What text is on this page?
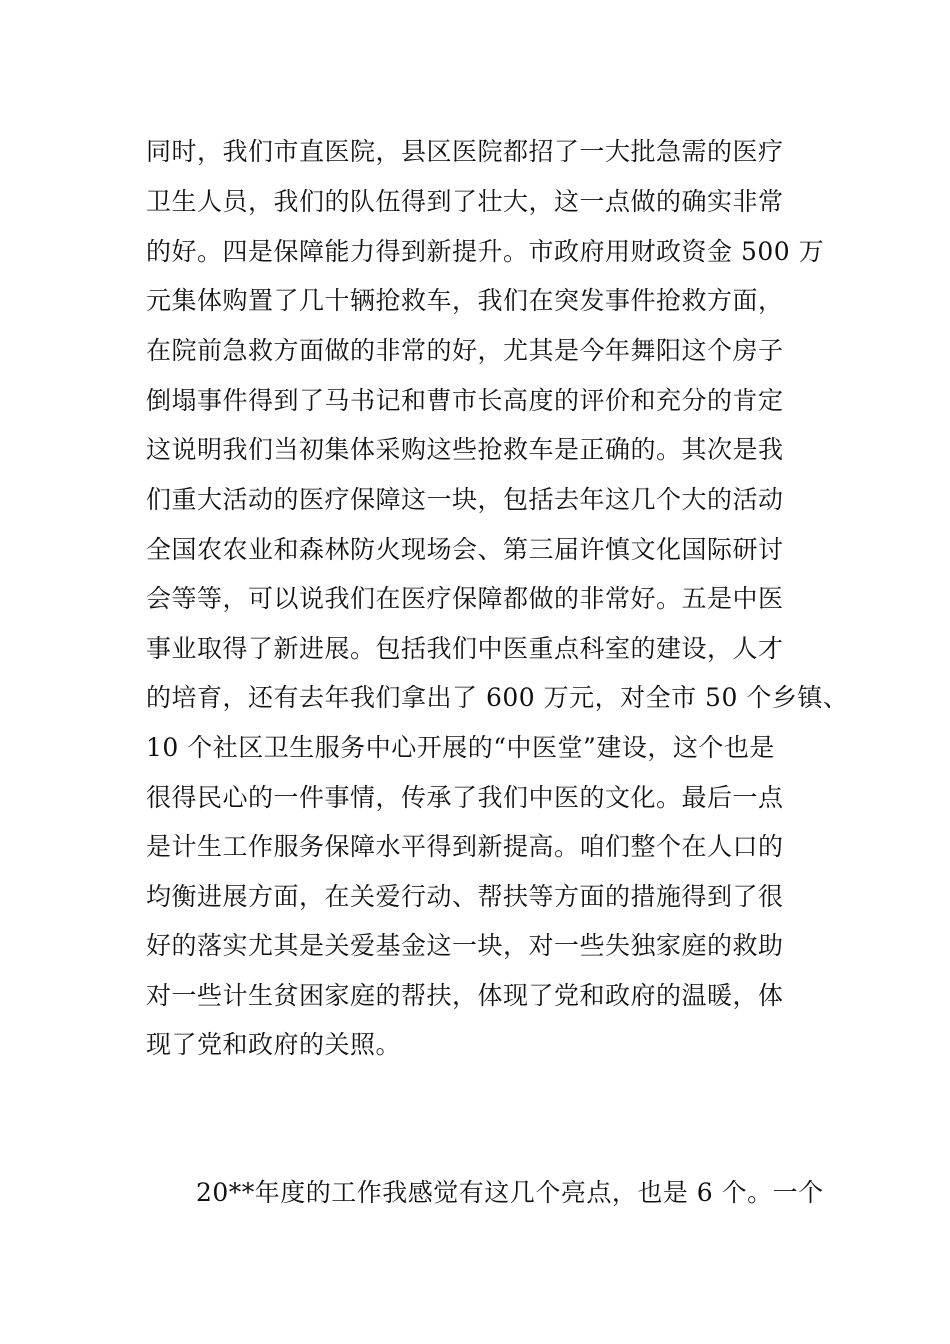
同时，我们市直医院，县区医院都招了一大批急需的医疗
卫生人员，我们的队伍得到了壮大，这一点做的确实非常
的好。四是保障能力得到新提升。市政府用财政资金 500 万
元集体购置了几十辆抢救车，我们在突发事件抢救方面，
在院前急救方面做的非常的好，尤其是今年舞阳这个房子
倒塌事件得到了马书记和曹市长高度的评价和充分的肯定
这说明我们当初集体采购这些抢救车是正确的。其次是我
们重大活动的医疗保障这一块，包括去年这几个大的活动
全国农农业和森林防火现场会、第三届许慎文化国际研讨
会等等，可以说我们在医疗保障都做的非常好。五是中医
事业取得了新进展。包括我们中医重点科室的建设，人才
的培育，还有去年我们拿出了 600 万元，对全市 50 个乡镇、
10 个社区卫生服务中心开展的“中医堂”建设，这个也是
很得民心的一件事情，传承了我们中医的文化。最后一点
是计生工作服务保障水平得到新提高。咱们整个在人口的
均衡进展方面，在关爱行动、帮扶等方面的措施得到了很
好的落实尤其是关爱基金这一块，对一些失独家庭的救助
对一些计生贫困家庭的帮扶，体现了党和政府的温暖，体
现了党和政府的关照。
20**年度的工作我感觉有这几个亮点，也是 6 个。一个
